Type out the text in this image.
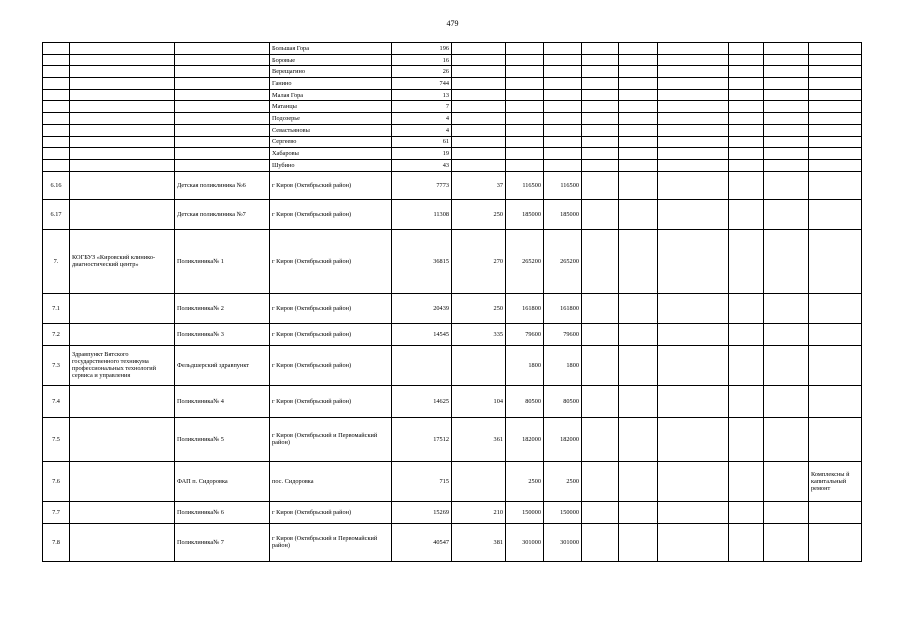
479
			Большая Гора	196									
			Боровые	16									
			Верещагино	26									
			Ганино	744									
			Малая Гора	13									
			Матанцы	7									
			Подозерье	4									
			Севастьяновы	4									
			Сергеево	61									
			Хабаровы	19									
			Шубино	43									
6.16		Детская поликлиника №6	г Киров (Октябрьский район)	7773	37	116500	116500						
6.17		Детская поликлиника №7	г Киров (Октябрьский район)	11308	250	185000	185000						
7.	КОГБУЗ «Кировский клинико-диагностический центр»	Поликлиника№ 1	г Киров (Октябрьский район)	36815	270	265200	265200						
7.1		Поликлиника№ 2	г Киров (Октябрьский район)	20439	250	161800	161800						
7.2		Поликлиника№ 3	г Киров (Октябрьский район)	14545	335	79600	79600						
7.3	Здравпункт Вятского государственного техникума профессиональных технологий сервиса и управления	Фельдшерский здравпункт	г Киров (Октябрьский район)			1800	1800						
7.4		Поликлиника№ 4	г Киров (Октябрьский район)	14625	104	80500	80500						
7.5		Поликлиника№ 5	г Киров (Октябрьский и Первомайский район)	17512	361	182000	182000						
7.6		ФАП п. Сидоровка	пос. Сидоровка	715		2500	2500						Комплексны й капитальный ремонт
7.7		Поликлиника№ 6	г Киров (Октябрьский район)	15269	210	150000	150000						
7.8		Поликлиника№ 7	г Киров (Октябрьский и Первомайский район)	40547	381	301000	301000						
